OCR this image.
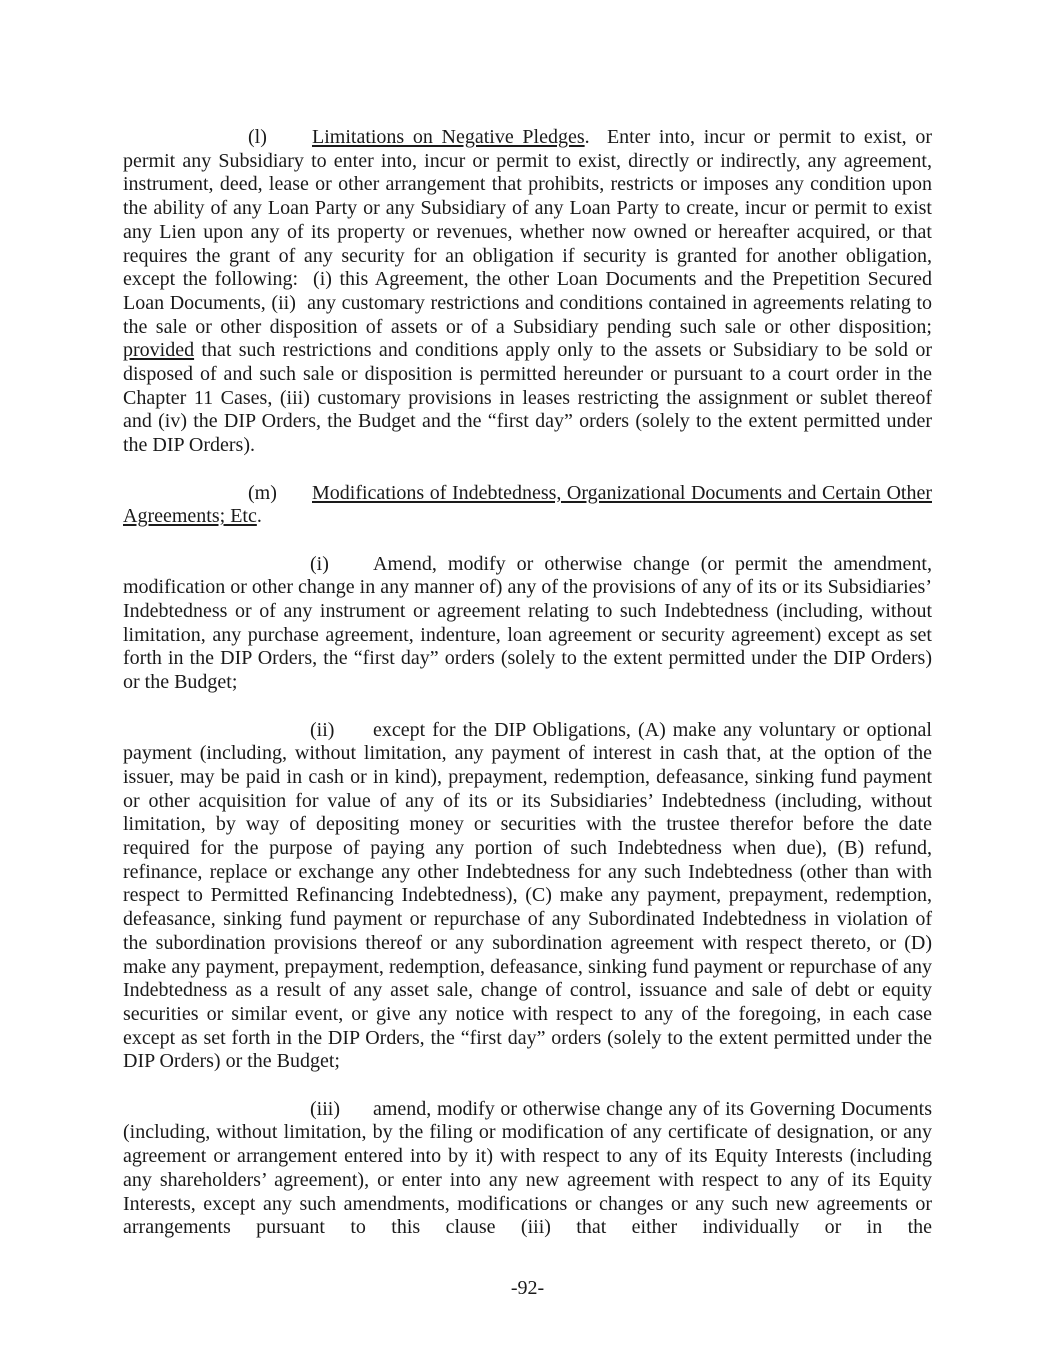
(l) Limitations on Negative Pledges.  Enter into, incur or permit to exist, or permit any Subsidiary to enter into, incur or permit to exist, directly or indirectly, any agreement, instrument, deed, lease or other arrangement that prohibits, restricts or imposes any condition upon the ability of any Loan Party or any Subsidiary of any Loan Party to create, incur or permit to exist any Lien upon any of its property or revenues, whether now owned or hereafter acquired, or that requires the grant of any security for an obligation if security is granted for another obligation, except the following:  (i) this Agreement, the other Loan Documents and the Prepetition Secured Loan Documents, (ii)  any customary restrictions and conditions contained in agreements relating to the sale or other disposition of assets or of a Subsidiary pending such sale or other disposition; provided that such restrictions and conditions apply only to the assets or Subsidiary to be sold or disposed of and such sale or disposition is permitted hereunder or pursuant to a court order in the Chapter 11 Cases, (iii) customary provisions in leases restricting the assignment or sublet thereof and (iv) the DIP Orders, the Budget and the “first day” orders (solely to the extent permitted under the DIP Orders).

(m) Modifications of Indebtedness, Organizational Documents and Certain Other Agreements; Etc.

(i) Amend, modify or otherwise change (or permit the amendment, modification or other change in any manner of) any of the provisions of any of its or its Subsidiaries’ Indebtedness or of any instrument or agreement relating to such Indebtedness (including, without limitation, any purchase agreement, indenture, loan agreement or security agreement) except as set forth in the DIP Orders, the “first day” orders (solely to the extent permitted under the DIP Orders) or the Budget;

(ii) except for the DIP Obligations, (A) make any voluntary or optional payment (including, without limitation, any payment of interest in cash that, at the option of the issuer, may be paid in cash or in kind), prepayment, redemption, defeasance, sinking fund payment or other acquisition for value of any of its or its Subsidiaries’ Indebtedness (including, without limitation, by way of depositing money or securities with the trustee therefor before the date required for the purpose of paying any portion of such Indebtedness when due), (B) refund, refinance, replace or exchange any other Indebtedness for any such Indebtedness (other than with respect to Permitted Refinancing Indebtedness), (C) make any payment, prepayment, redemption, defeasance, sinking fund payment or repurchase of any Subordinated Indebtedness in violation of the subordination provisions thereof or any subordination agreement with respect thereto, or (D) make any payment, prepayment, redemption, defeasance, sinking fund payment or repurchase of any Indebtedness as a result of any asset sale, change of control, issuance and sale of debt or equity securities or similar event, or give any notice with respect to any of the foregoing, in each case except as set forth in the DIP Orders, the “first day” orders (solely to the extent permitted under the DIP Orders) or the Budget;

(iii) amend, modify or otherwise change any of its Governing Documents (including, without limitation, by the filing or modification of any certificate of designation, or any agreement or arrangement entered into by it) with respect to any of its Equity Interests (including any shareholders’ agreement), or enter into any new agreement with respect to any of its Equity Interests, except any such amendments, modifications or changes or any such new agreements or arrangements pursuant to this clause (iii) that either individually or in the

-92-
